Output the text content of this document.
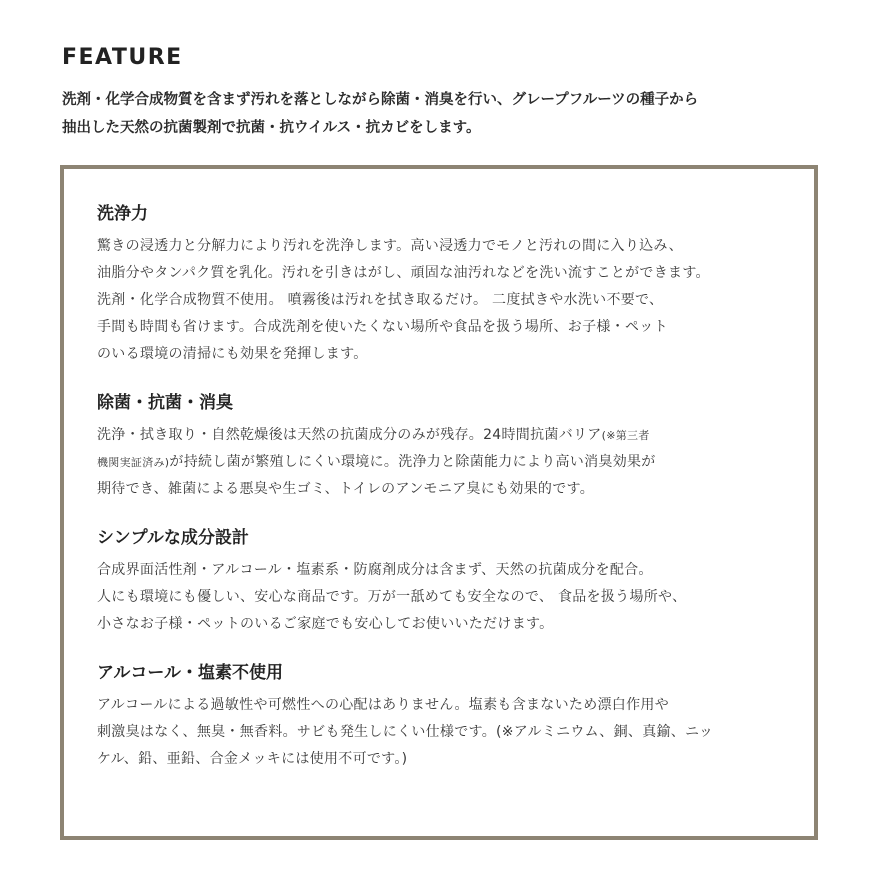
FEATURE
洗剤・化学合成物質を含まず汚れを落としながら除菌・消臭を行い、グレープフルーツの種子から
抽出した天然の抗菌製剤で抗菌・抗ウイルス・抗カビをします。
洗浄力

驚きの浸透力と分解力により汚れを洗浄します。高い浸透力でモノと汚れの間に入り込み、
油脂分やタンパク質を乳化。汚れを引きはがし、頑固な油汚れなどを洗い流すことができます。
洗剤・化学合成物質不使用。 噴霧後は汚れを拭き取るだけ。 二度拭きや水洗い不要で、
手間も時間も省けます。合成洗剤を使いたくない場所や食品を扱う場所、お子様・ペット
のいる環境の清掃にも効果を発揮します。

除菌・抗菌・消臭

洗浄・拭き取り・自然乾燥後は天然の抗菌成分のみが残存。24時間抗菌バリア(※第三者
機関実証済み)が持続し菌が繁殖しにくい環境に。洗浄力と除菌能力により高い消臭効果が
期待でき、雑菌による悪臭や生ゴミ、トイレのアンモニア臭にも効果的です。

シンプルな成分設計

合成界面活性剤・アルコール・塩素系・防腐剤成分は含まず、天然の抗菌成分を配合。
人にも環境にも優しい、安心な商品です。万が一舐めても安全なので、 食品を扱う場所や、
小さなお子様・ペットのいるご家庭でも安心してお使いいただけます。

アルコール・塩素不使用

アルコールによる過敏性や可燃性への心配はありません。塩素も含まないため漂白作用や
刺激臭はなく、無臭・無香料。サビも発生しにくい仕様です。(※アルミニウム、銅、真鍮、ニッ
ケル、鉛、亜鉛、合金メッキには使用不可です。)
